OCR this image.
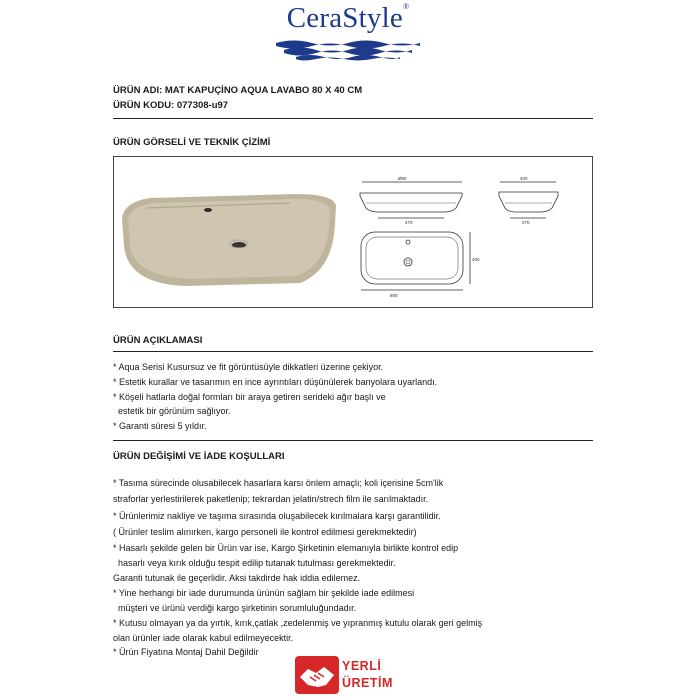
CeraStyle®
ÜRÜN ADI: MAT KAPUÇİNO AQUA LAVABO 80 X 40 CM
ÜRÜN KODU: 077308-u97
ÜRÜN GÖRSELİ VE TEKNİK ÇİZİMİ
Ø80
470
400
270
800
400
ÜRÜN AÇIKLAMASI
* Aqua Serisi Kusursuz ve fit görüntüsüyle dikkatleri üzerine çekiyor.
* Estetik kurallar ve tasarımın en ince ayrıntıları düşünülerek banyolara uyarlandı.
* Köşeli hatlarla doğal formları bir araya getiren serideki ağır başlı ve
estetik bir görünüm sağlıyor.
* Garanti süresi 5 yıldır.
ÜRÜN DEĞİŞİMİ VE İADE KOŞULLARI
* Tasıma sürecinde olusabilecek hasarlara karsı önlem amaçlı; koli içerisine 5cm'lik
straforlar yerlestirilerek paketlenip; tekrardan jelatin/strech film ile sarılmaktadır.
* Ürünlerimiz nakliye ve taşıma sırasında oluşabilecek kırılmalara karşı garantilidir.
( Ürünler teslim alınırken, kargo personeli ile kontrol edilmesi gerekmektedir)
* Hasarlı şekilde gelen bir Ürün var ise, Kargo Şirketinin elemanıyla birlikte kontrol edip
hasarlı veya kırık olduğu tespit edilip tutanak tutulması gerekmektedir.
Garanti tutunak ile geçerlidir. Aksi takdirde hak iddia edilemez.
* Yine herhangi bir iade durumunda ürünün sağlam bir şekilde iade edilmesi
müşteri ve ürünü verdiği kargo şirketinin sorumluluğundadır.
* Kutusu olmayan ya da yırtık, kırık,çatlak ,zedelenmiş ve yıpranmış kutulu olarak geri gelmiş
olan ürünler iade olarak kabul edilmeyecektir.
* Ürün Fiyatına Montaj Dahil Değildir
YERLİ
ÜRETİM
